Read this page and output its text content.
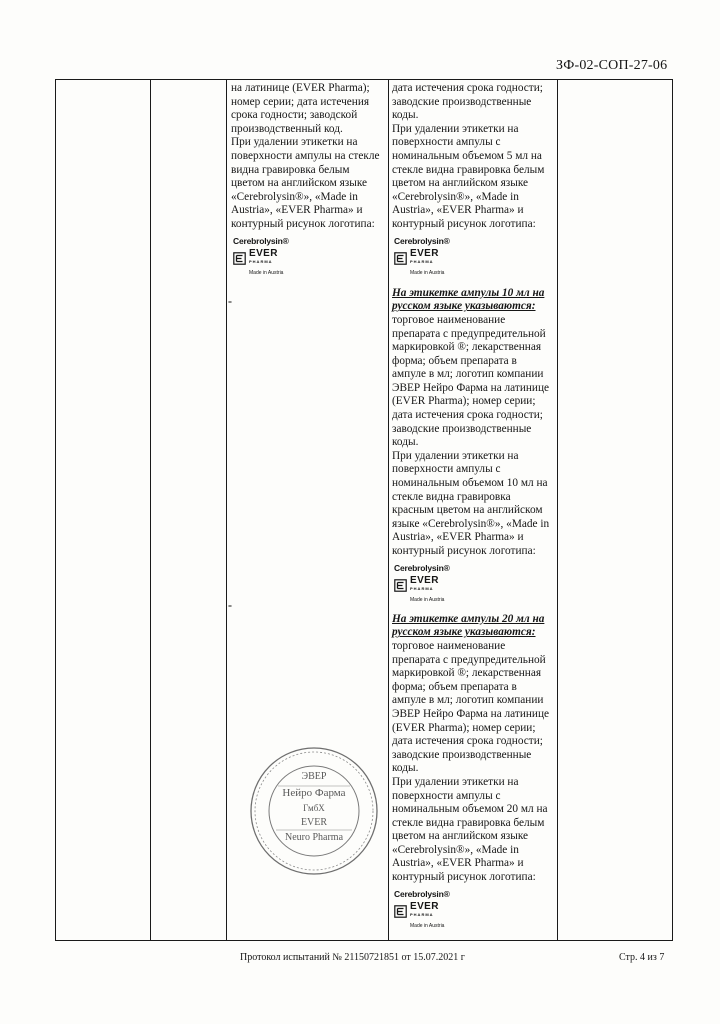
ЗФ-02-СОП-27-06

на латинице (EVER Pharma);

номер серии; дата истечения

срока годности; заводской

производственный код.

При удалении этикетки на

поверхности ампулы на стекле

видна гравировка белым

цветом на английском языке

«Cerebrolysin®», «Made in

Austria», «EVER Pharma» и

контурный рисунок логотипа:

Cerebrolysin®
EVER
PHARMA
Made in Austria
-
-

дата истечения срока годности;

заводские производственные

коды.

При удалении этикетки на

поверхности ампулы с

номинальным объемом 5 мл на

стекле видна гравировка белым

цветом на английском языке

«Cerebrolysin®», «Made in

Austria», «EVER Pharma» и

контурный рисунок логотипа:

Cerebrolysin®
EVER
PHARMA
Made in Austria

На этикетке ампулы 10 мл на

русском языке указываются:

торговое наименование

препарата с предупредительной

маркировкой ®; лекарственная

форма; объем препарата в

ампуле в мл; логотип компании

ЭВЕР Нейро Фарма на латинице

(EVER Pharma); номер серии;

дата истечения срока годности;

заводские производственные

коды.

При удалении этикетки на

поверхности ампулы с

номинальным объемом 10 мл на

стекле видна гравировка

красным цветом на английском

языке «Cerebrolysin®», «Made in

Austria», «EVER Pharma» и

контурный рисунок логотипа:

Cerebrolysin®
EVER
PHARMA
Made in Austria

На этикетке ампулы 20 мл на

русском языке указываются:

торговое наименование

препарата с предупредительной

маркировкой ®; лекарственная

форма; объем препарата в

ампуле в мл; логотип компании

ЭВЕР Нейро Фарма на латинице

(EVER Pharma); номер серии;

дата истечения срока годности;

заводские производственные

коды.

При удалении этикетки на

поверхности ампулы с

номинальным объемом 20 мл на

стекле видна гравировка белым

цветом на английском языке

«Cerebrolysin®», «Made in

Austria», «EVER Pharma» и

контурный рисунок логотипа:

Cerebrolysin®
EVER
PHARMA
Made in Austria
ЭВЕР
Нейро Фарма
ГмбХ
EVER
Neuro Pharma
Протокол испытаний № 21150721851 от 15.07.2021 г	Стр. 4 из 7
